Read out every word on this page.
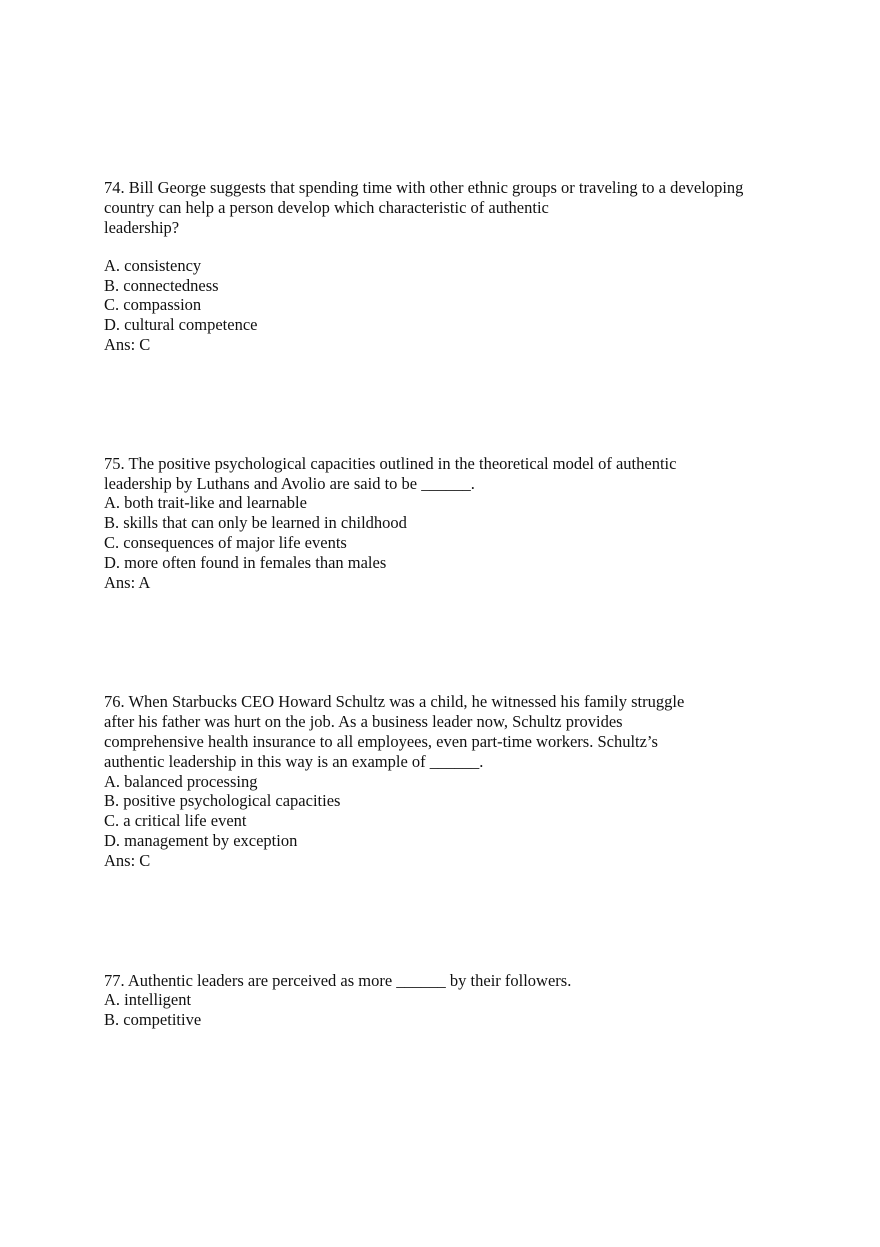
74. Bill George suggests that spending time with other ethnic groups or traveling to a developing

country can help a person develop which characteristic of authentic

leadership?

A. consistency

B. connectedness

C. compassion

D. cultural competence

Ans: C

75. The positive psychological capacities outlined in the theoretical model of authentic

leadership by Luthans and Avolio are said to be ______.

A. both trait-like and learnable

B. skills that can only be learned in childhood

C. consequences of major life events

D. more often found in females than males

Ans: A

76. When Starbucks CEO Howard Schultz was a child, he witnessed his family struggle

after his father was hurt on the job. As a business leader now, Schultz provides

comprehensive health insurance to all employees, even part-time workers. Schultz’s

authentic leadership in this way is an example of ______.

A. balanced processing

B. positive psychological capacities

C. a critical life event

D. management by exception

Ans: C

77. Authentic leaders are perceived as more ______ by their followers.

A. intelligent

B. competitive
